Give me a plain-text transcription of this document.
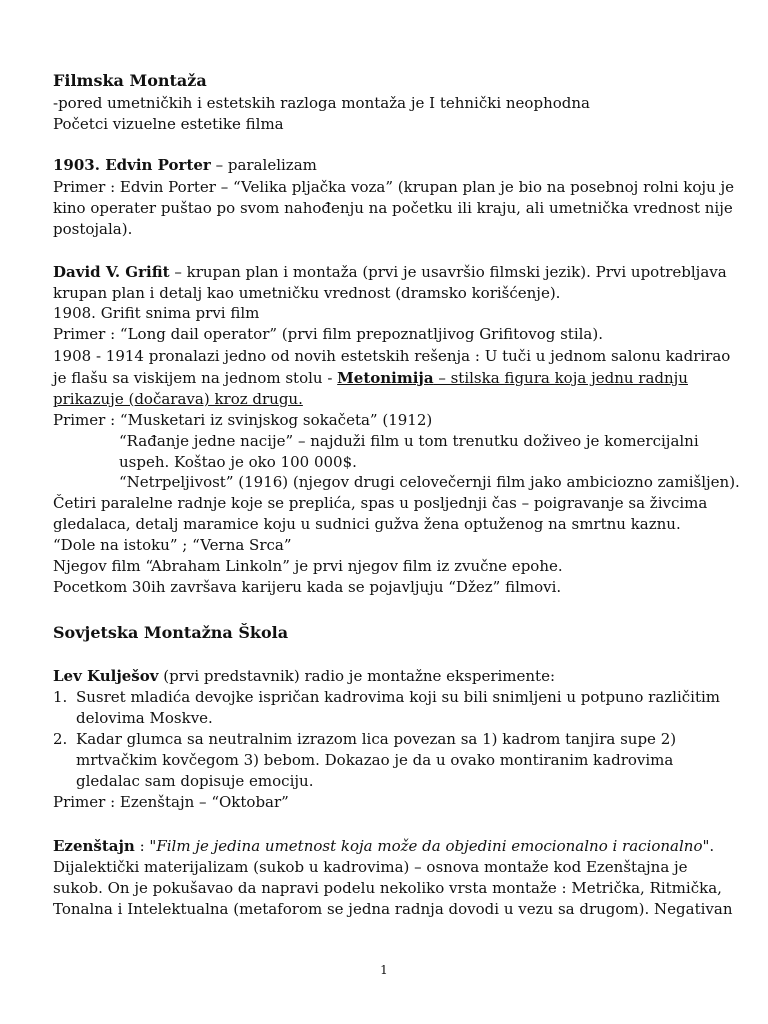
Filmska Montaža
-pored umetničkih i estetskih razloga montaža je I tehnički neophodna
Početci vizuelne estetike filma
1903. Edvin Porter – paralelizam
Primer : Edvin Porter – “Velika pljačka voza” (krupan plan je bio na posebnoj rolni koju je
kino operater puštao po svom nahođenju na početku ili kraju, ali umetnička vrednost nije
postojala).
David V. Grifit – krupan plan i montaža (prvi je usavršio filmski jezik). Prvi upotrebljava
krupan plan i detalj kao umetničku vrednost (dramsko korišćenje).
1908. Grifit snima prvi film
Primer : “Long dail operator” (prvi film prepoznatljivog Grifitovog stila).
1908 - 1914 pronalazi jedno od novih estetskih rešenja : U tuči u jednom salonu kadrirao
je flašu sa viskijem na jednom stolu - Metonimija – stilska figura koja jednu radnju
prikazuje (dočarava) kroz drugu.
Primer : “Musketari iz svinjskog sokačeta” (1912)
“Rađanje jedne nacije” – najduži film u tom trenutku doživeo je komercijalni
uspeh. Koštao je oko 100 000$.
“Netrpeljivost” (1916) (njegov drugi celovečernji film jako ambiciozno zamišljen).
Četiri paralelne radnje koje se preplića, spas u posljednji čas – poigravanje sa živcima
gledalaca, detalj maramice koju u sudnici gužva žena optuženog na smrtnu kaznu.
“Dole na istoku” ; “Verna Srca”
Njegov film “Abraham Linkoln” je prvi njegov film iz zvučne epohe.
Pocetkom 30ih završava karijeru kada se pojavljuju “Džez” filmovi.
Sovjetska Montažna Škola
Lev Kulješov (prvi predstavnik) radio je montažne eksperimente:
1. Susret mladića devojke ispričan kadrovima koji su bili snimljeni u potpuno različitim
delovima Moskve.
2. Kadar glumca sa neutralnim izrazom lica povezan sa 1) kadrom tanjira supe 2)
mrtvačkim kovčegom 3) bebom. Dokazao je da u ovako montiranim kadrovima
gledalac sam dopisuje emociju.
Primer : Ezenštajn – “Oktobar”
Ezenštajn : "Film je jedina umetnost koja može da objedini emocionalno i racionalno".
Dijalektički materijalizam (sukob u kadrovima) – osnova montaže kod Ezenštajna je
sukob. On je pokušavao da napravi podelu nekoliko vrsta montaže : Metrička, Ritmička,
Tonalna i Intelektualna (metaforom se jedna radnja dovodi u vezu sa drugom). Negativan
1
